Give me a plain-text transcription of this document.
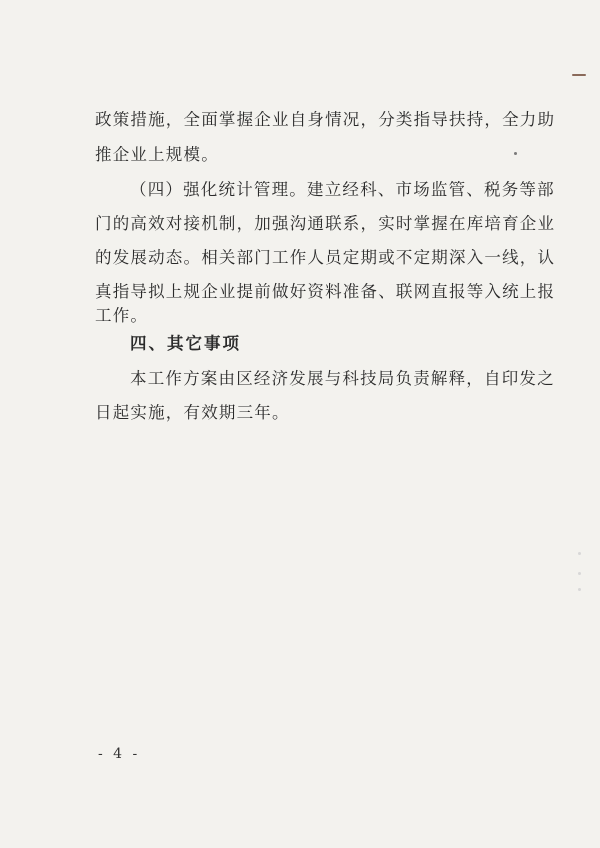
政策措施，全面掌握企业自身情况，分类指导扶持，全力助
推企业上规模。
（四）强化统计管理。建立经科、市场监管、税务等部
门的高效对接机制，加强沟通联系，实时掌握在库培育企业
的发展动态。相关部门工作人员定期或不定期深入一线，认
真指导拟上规企业提前做好资料准备、联网直报等入统上报
工作。
四、其它事项
本工作方案由区经济发展与科技局负责解释，自印发之
日起实施，有效期三年。
- 4 -
